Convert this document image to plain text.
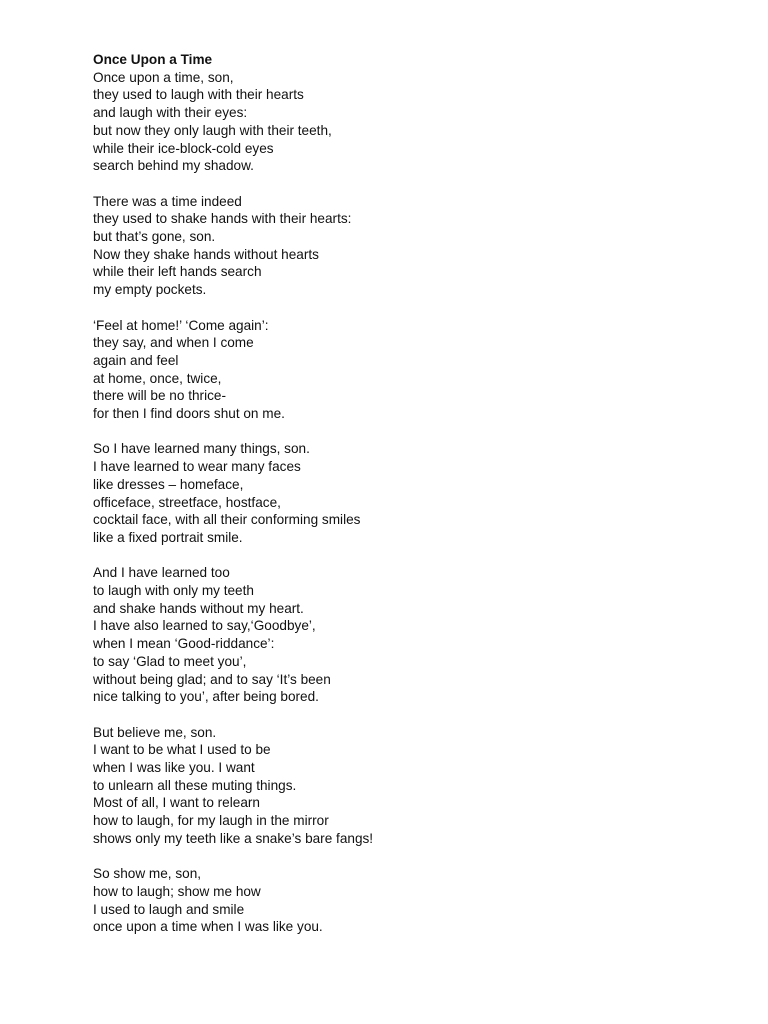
Once Upon a Time
Once upon a time, son,
they used to laugh with their hearts
and laugh with their eyes:
but now they only laugh with their teeth,
while their ice-block-cold eyes
search behind my shadow.
There was a time indeed
they used to shake hands with their hearts:
but that’s gone, son.
Now they shake hands without hearts
while their left hands search
my empty pockets.
‘Feel at home!’ ‘Come again’:
they say, and when I come
again and feel
at home, once, twice,
there will be no thrice-
for then I find doors shut on me.
So I have learned many things, son.
I have learned to wear many faces
like dresses – homeface,
officeface, streetface, hostface,
cocktail face, with all their conforming smiles
like a fixed portrait smile.
And I have learned too
to laugh with only my teeth
and shake hands without my heart.
I have also learned to say,‘Goodbye’,
when I mean ‘Good-riddance’:
to say ‘Glad to meet you’,
without being glad; and to say ‘It’s been
nice talking to you’, after being bored.
But believe me, son.
I want to be what I used to be
when I was like you. I want
to unlearn all these muting things.
Most of all, I want to relearn
how to laugh, for my laugh in the mirror
shows only my teeth like a snake’s bare fangs!
So show me, son,
how to laugh; show me how
I used to laugh and smile
once upon a time when I was like you.
